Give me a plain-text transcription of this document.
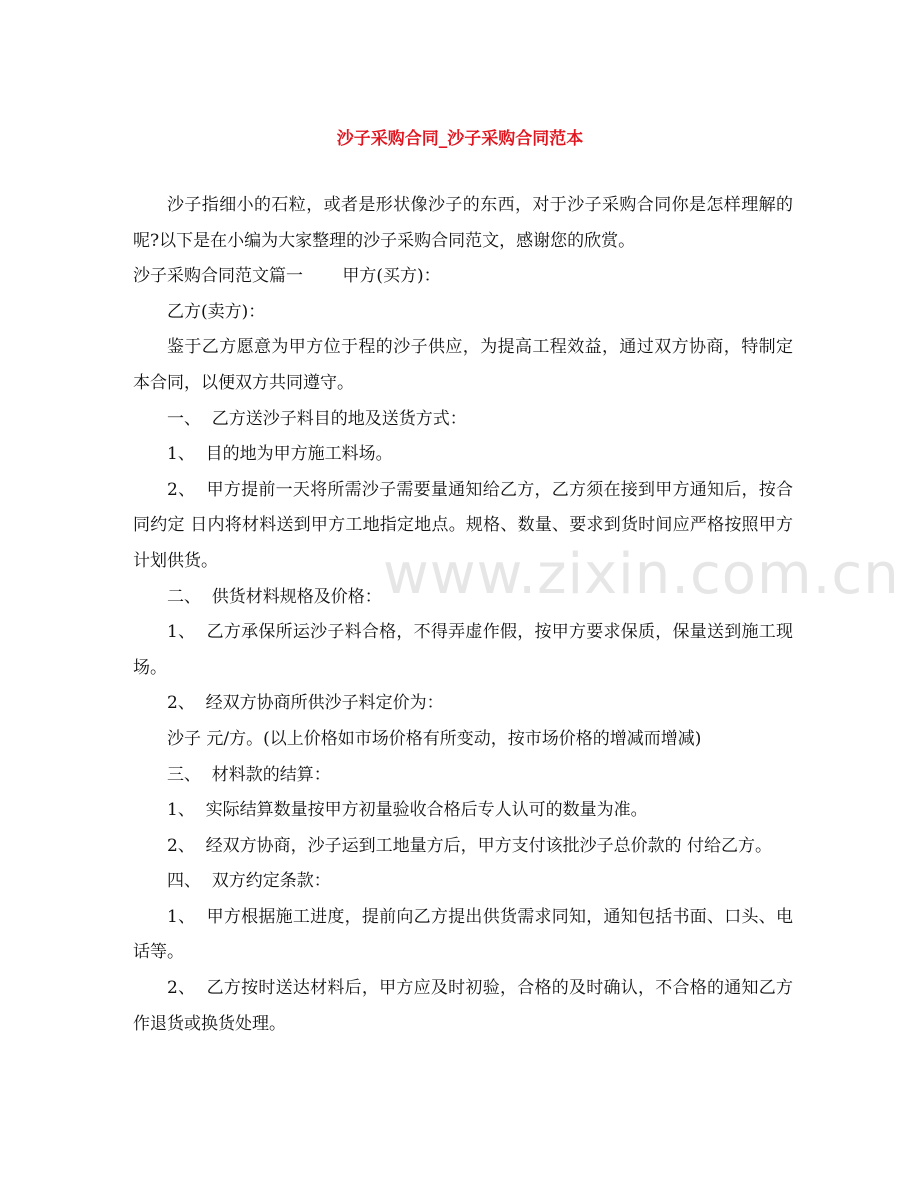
沙子采购合同_沙子采购合同范本

沙子指细小的石粒，或者是形状像沙子的东西，对于沙子采购合同你是怎样理解的呢?以下是在小编为大家整理的沙子采购合同范文，感谢您的欣赏。

沙子采购合同范文篇一　　 甲方(买方)：

乙方(卖方)：

鉴于乙方愿意为甲方位于程的沙子供应，为提高工程效益，通过双方协商，特制定本合同，以便双方共同遵守。

一、  乙方送沙子料目的地及送货方式：

1、  目的地为甲方施工料场。

2、  甲方提前一天将所需沙子需要量通知给乙方，乙方须在接到甲方通知后，按合同约定 日内将材料送到甲方工地指定地点。规格、数量、要求到货时间应严格按照甲方计划供货。

二、  供货材料规格及价格：

1、  乙方承保所运沙子料合格，不得弄虚作假，按甲方要求保质，保量送到施工现场。

2、  经双方协商所供沙子料定价为：

沙子 元/方。(以上价格如市场价格有所变动，按市场价格的增减而增减)

三、  材料款的结算：

1、  实际结算数量按甲方初量验收合格后专人认可的数量为准。

2、  经双方协商，沙子运到工地量方后，甲方支付该批沙子总价款的 付给乙方。

四、  双方约定条款：

1、  甲方根据施工进度，提前向乙方提出供货需求同知，通知包括书面、口头、电话等。

2、  乙方按时送达材料后，甲方应及时初验，合格的及时确认，不合格的通知乙方作退货或换货处理。

www.zixin.com.cn
